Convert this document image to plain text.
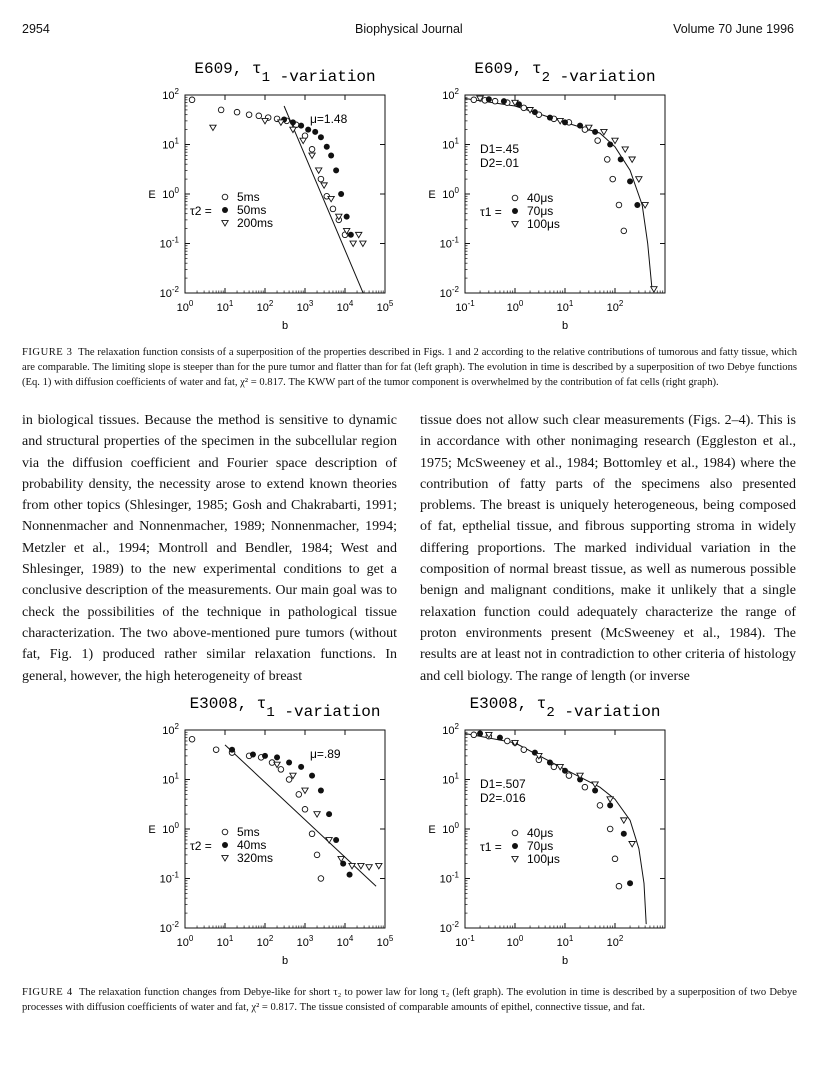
2954	Biophysical Journal	Volume 70 June 1996
E609, τ1 -variation
$10^0$ $10^1$ $10^2$ $10^3$ $10^4$ $10^5$
$10^{-2}$
$10^{-1}$
$10^0$
$10^1$
$10^2$
b
E
μ=1.48
τ2 =
5ms
50ms
200ms
E609, τ2 -variation
$10^{-1}$	$10^0$	$10^1$	$10^2$
$10^{-2}$
$10^{-1}$
$10^0$
$10^1$
$10^2$
b
E
D1=.45
D2=.01
τ1 =
40μs
70μs
100μs
FIGURE 3 The relaxation function consists of a superposition of the properties described in Figs. 1 and 2 according to the relative contributions of tumorous and fatty tissue, which are comparable. The limiting slope is steeper than for the pure tumor and flatter than for fat (left graph). The evolution in time is described by a superposition of two Debye functions (Eq. 1) with diffusion coefficients of water and fat, χ² = 0.817. The KWW part of the tumor component is overwhelmed by the contribution of fat cells (right graph).
in biological tissues. Because the method is sensitive to dynamic and structural properties of the specimen in the subcellular region via the diffusion coefficient and Fourier space description of probability density, the necessity arose to extend known theories from other topics (Shlesinger, 1985; Gosh and Chakrabarti, 1991; Nonnenmacher and Nonnenmacher, 1989; Nonnenmacher, 1994; Metzler et al., 1994; Montroll and Bendler, 1984; West and Shlesinger, 1989) to the new experimental conditions to get a conclusive description of the measurements. Our main goal was to check the possibilities of the technique in pathological tissue characterization. The two above-mentioned pure tumors (without fat, Fig. 1) produced rather similar relaxation functions. In general, however, the high heterogeneity of breast
tissue does not allow such clear measurements (Figs. 2–4). This is in accordance with other nonimaging research (Eggleston et al., 1975; McSweeney et al., 1984; Bottomley et al., 1984) where the contribution of fatty parts of the specimens also presented problems. The breast is uniquely heterogeneous, being composed of fat, epthelial tissue, and fibrous supporting stroma in widely differing proportions. The marked individual variation in the composition of normal breast tissue, as well as numerous possible benign and malignant conditions, make it unlikely that a single relaxation function could adequately characterize the range of proton environments present (McSweeney et al., 1984). The results are at least not in contradiction to other criteria of histology and cell biology. The range of length (or inverse
E3008, τ1 -variation
$10^0$ $10^1$ $10^2$ $10^3$ $10^4$ $10^5$
$10^{-2}$
$10^{-1}$
$10^0$
$10^1$
$10^2$
b
E
μ=.89
τ2 =
5ms
40ms
320ms
E3008, τ2 -variation
$10^{-1}$	$10^0$	$10^1$	$10^2$
$10^{-2}$
$10^{-1}$
$10^0$
$10^1$
$10^2$
b
E
D1=.507
D2=.016
τ1 =
40μs
70μs
100μs
FIGURE 4 The relaxation function changes from Debye-like for short τ₂ to power law for long τ₂ (left graph). The evolution in time is described by a superposition of two Debye processes with diffusion coefficients of water and fat, χ² = 0.817. The tissue consisted of comparable amounts of epithel, connective tissue, and fat.
